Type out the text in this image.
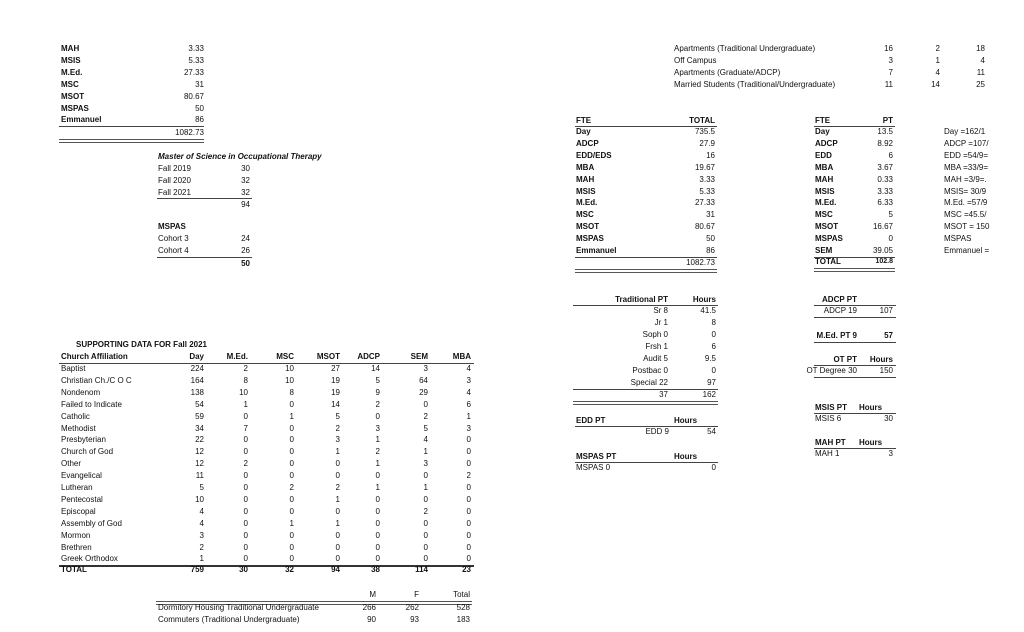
MAH	3.33
MSIS	5.33
M.Ed.	27.33
MSC	31
MSOT	80.67
MSPAS	50
Emmanuel	86
1082.73
Master of Science in Occupational Therapy
Fall 2019	30
Fall 2020	32
Fall 2021	32
94
MSPAS
Cohort 3	24
Cohort 4	26
50
SUPPORTING DATA FOR Fall 2021
Church Affiliation	Day	M.Ed.	MSC	MSOT	ADCP	SEM	MBA
Baptist	224	2	10	27	14	3	4
Christian Ch./C O C	164	8	10	19	5	64	3
Nondenom	138	10	8	19	9	29	4
Failed to Indicate	54	1	0	14	2	0	6
Catholic	59	0	1	5	0	2	1
Methodist	34	7	0	2	3	5	3
Presbyterian	22	0	0	3	1	4	0
Church of God	12	0	0	1	2	1	0
Other	12	2	0	0	1	3	0
Evangelical	11	0	0	0	0	0	2
Lutheran	5	0	2	2	1	1	0
Pentecostal	10	0	0	1	0	0	0
Episcopal	4	0	0	0	0	2	0
Assembly of God	4	0	1	1	0	0	0
Mormon	3	0	0	0	0	0	0
Brethren	2	0	0	0	0	0	0
Greek Orthodox	1	0	0	0	0	0	0
TOTAL	759	30	32	94	38	114	23
M	F	Total
Dormitory Housing Traditional Undergraduate	266	262	528
Commuters (Traditional Undergraduate)	90	93	183
Apartments (Traditional Undergraduate)	16	2	18
Off Campus	3	1	4
Apartments (Graduate/ADCP)	7	4	11
Married Students (Traditional/Undergraduate)	11	14	25
FTE	TOTAL
Day	735.5
ADCP	27.9
EDD/EDS	16
MBA	19.67
MAH	3.33
MSIS	5.33
M.Ed.	27.33
MSC	31
MSOT	80.67
MSPAS	50
Emmanuel	86
1082.73
FTE	PT
Day	13.5
ADCP	8.92
EDD	6
MBA	3.67
MAH	0.33
MSIS	3.33
M.Ed.	6.33
MSC	5
MSOT	16.67
MSPAS	0
SEM	39.05
TOTAL	102.8
Day =162/1
ADCP =107/
EDD =54/9=
MBA =33/9=
MAH =3/9=.
MSIS= 30/9
M.Ed. =57/9
MSC =45.5/
MSOT = 150
MSPAS
Emmanuel =
Traditional PT	Hours
Sr 8	41.5
Jr 1	8
Soph 0	0
Frsh 1	6
Audit 5	9.5
Postbac 0	0
Special 22	97
37	162
EDD PT	Hours
EDD 9	54
MSPAS PT	Hours
MSPAS 0	0
ADCP PT
ADCP 19	107
M.Ed. PT 9	57
OT PT	Hours
OT Degree 30	150
MSIS PT Hours
MSIS 6	30
MAH PT Hours
MAH 1	3
